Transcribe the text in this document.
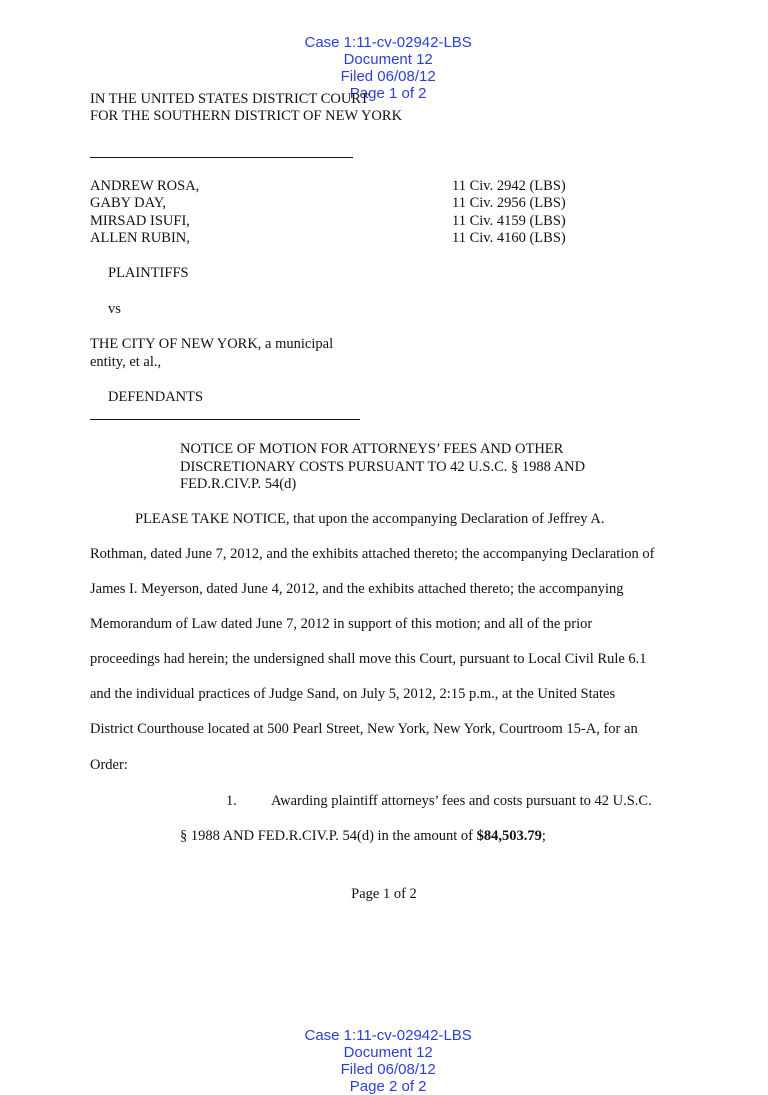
Case 1:11-cv-02942-LBS
Document 12
Filed 06/08/12
Page 1 of 2

IN THE UNITED STATES DISTRICT COURT
FOR THE SOUTHERN DISTRICT OF NEW YORK
ANDREW ROSA,
GABY DAY,
MIRSAD ISUFI,
ALLEN RUBIN,
11 Civ. 2942 (LBS)
11 Civ. 2956 (LBS)
11 Civ. 4159 (LBS)
11 Civ. 4160 (LBS)
PLAINTIFFS
vs
THE CITY OF NEW YORK, a municipal
entity, et al.,
DEFENDANTS
NOTICE OF MOTION FOR ATTORNEYS’ FEES AND OTHER
DISCRETIONARY COSTS PURSUANT TO 42 U.S.C. § 1988 AND
FED.R.CIV.P. 54(d)
PLEASE TAKE NOTICE, that upon the accompanying Declaration of Jeffrey A.
Rothman, dated June 7, 2012, and the exhibits attached thereto; the accompanying Declaration of
James I. Meyerson, dated June 4, 2012, and the exhibits attached thereto; the accompanying
Memorandum of Law dated June 7, 2012 in support of this motion; and all of the prior
proceedings had herein; the undersigned shall move this Court, pursuant to Local Civil Rule 6.1
and the individual practices of Judge Sand, on July 5, 2012, 2:15 p.m., at the United States
District Courthouse located at 500 Pearl Street, New York, New York, Courtroom 15-A, for an
Order:
1. Awarding plaintiff attorneys’ fees and costs pursuant to 42 U.S.C.
§ 1988 AND FED.R.CIV.P. 54(d) in the amount of $84,503.79;
Page 1 of 2

Case 1:11-cv-02942-LBS
Document 12
Filed 06/08/12
Page 2 of 2
